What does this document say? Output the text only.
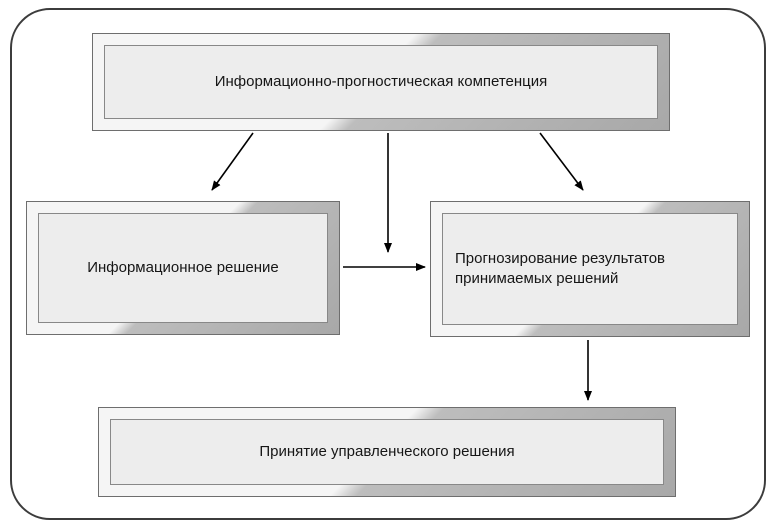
Информационно-прогностическая компетенция
Информационное решение
Прогнозирование результатов принимаемых решений
Принятие управленческого решения
